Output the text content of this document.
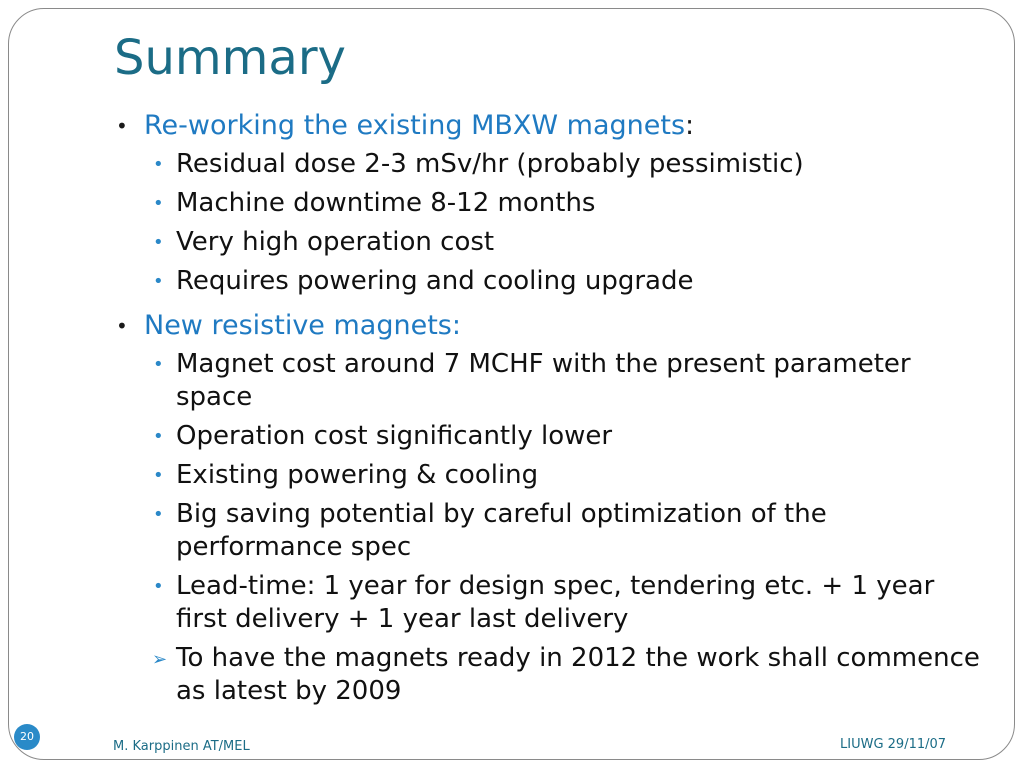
Summary
• Re-working the existing MBXW magnets:
• Residual dose 2-3 mSv/hr (probably pessimistic)
• Machine downtime 8-12 months
• Very high operation cost
• Requires powering and cooling upgrade
• New resistive magnets:
• Magnet cost around 7 MCHF with the present parameter space
• Operation cost significantly lower
• Existing powering & cooling
• Big saving potential by careful optimization of the performance spec
• Lead-time: 1 year for design spec, tendering etc. + 1 year first delivery + 1 year last delivery
➢ To have the magnets ready in 2012 the work shall commence as latest by 2009
20
M. Karppinen AT/MEL	LIUWG 29/11/07
